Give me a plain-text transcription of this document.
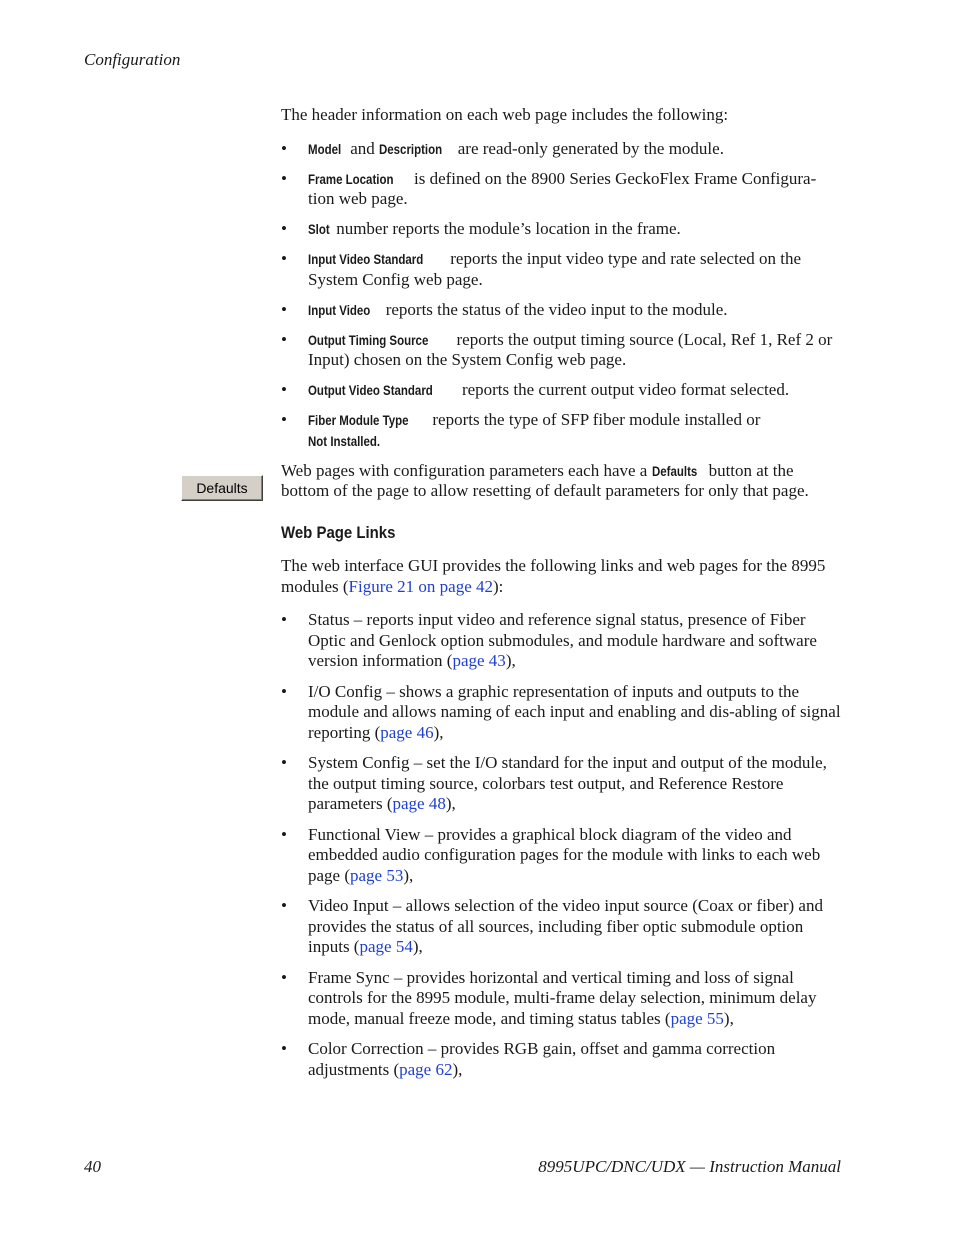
Configuration
Defaults

The header information on each web page includes the following:

• Model and Description are read-only generated by the module.
• Frame Location is defined on the 8900 Series GeckoFlex Frame Configura-tion web page.
• Slot number reports the module’s location in the frame.
• Input Video Standard reports the input video type and rate selected on the System Config web page.
• Input Video reports the status of the video input to the module.
• Output Timing Source reports the output timing source (Local, Ref 1, Ref 2 or Input) chosen on the System Config web page.
• Output Video Standard reports the current output video format selected.
• Fiber Module Type reports the type of SFP fiber module installed or Not Installed.

Web pages with configuration parameters each have a Defaults button at the bottom of the page to allow resetting of default parameters for only that page.

Web Page Links

The web interface GUI provides the following links and web pages for the 8995 modules (Figure 21 on page 42):

• Status – reports input video and reference signal status, presence of Fiber Optic and Genlock option submodules, and module hardware and software version information (page 43),
• I/O Config – shows a graphic representation of inputs and outputs to the module and allows naming of each input and enabling and dis-abling of signal reporting (page 46),
• System Config – set the I/O standard for the input and output of the module, the output timing source, colorbars test output, and Reference Restore parameters (page 48),
• Functional View – provides a graphical block diagram of the video and embedded audio configuration pages for the module with links to each web page (page 53),
• Video Input – allows selection of the video input source (Coax or fiber) and provides the status of all sources, including fiber optic submodule option inputs (page 54),
• Frame Sync – provides horizontal and vertical timing and loss of signal controls for the 8995 module, multi-frame delay selection, minimum delay mode, manual freeze mode, and timing status tables (page 55),
• Color Correction – provides RGB gain, offset and gamma correction adjustments (page 62),
40	8995UPC/DNC/UDX — Instruction Manual
